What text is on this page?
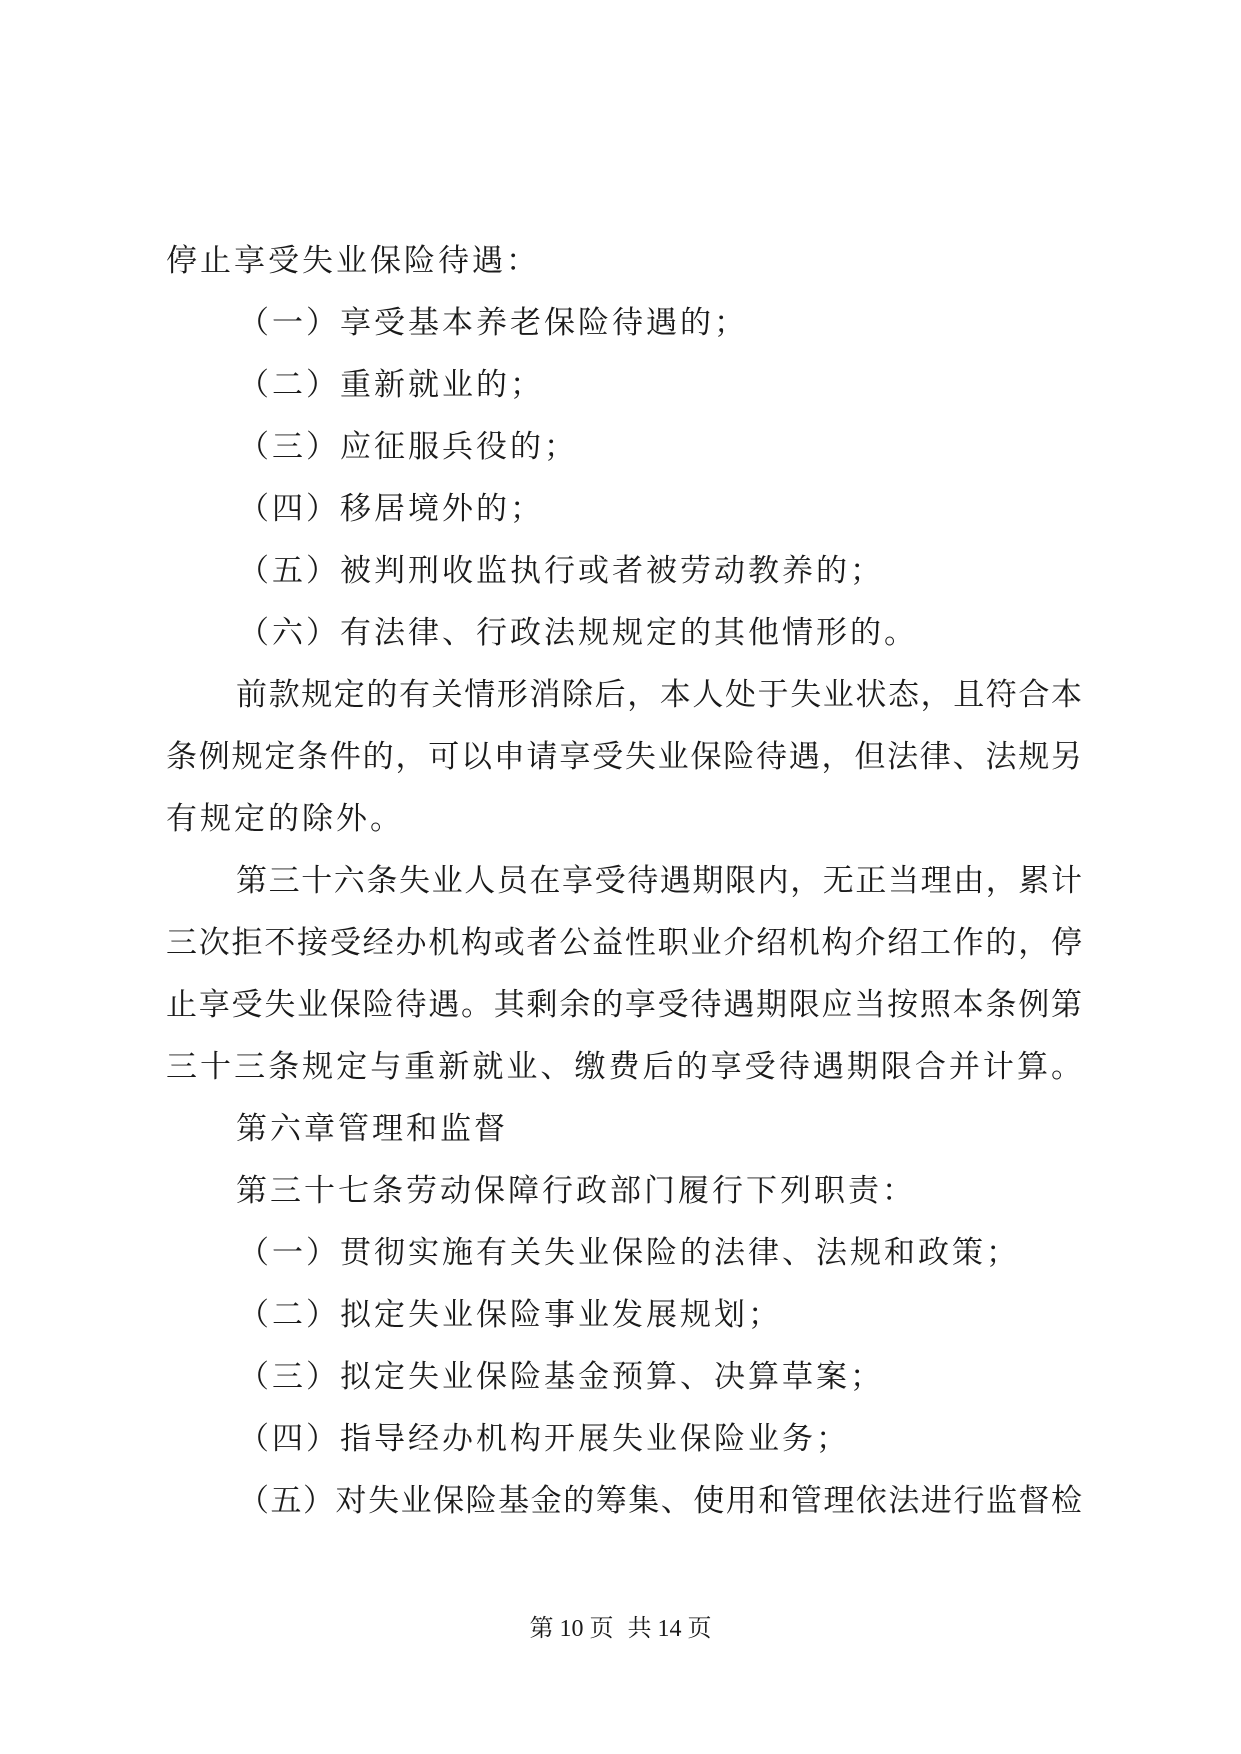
停止享受失业保险待遇：
（一）享受基本养老保险待遇的；
（二）重新就业的；
（三）应征服兵役的；
（四）移居境外的；
（五）被判刑收监执行或者被劳动教养的；
（六）有法律、行政法规规定的其他情形的。
前款规定的有关情形消除后，本人处于失业状态，且符合本
条例规定条件的，可以申请享受失业保险待遇，但法律、法规另
有规定的除外。
第三十六条失业人员在享受待遇期限内，无正当理由，累计
三次拒不接受经办机构或者公益性职业介绍机构介绍工作的，停
止享受失业保险待遇。其剩余的享受待遇期限应当按照本条例第
三十三条规定与重新就业、缴费后的享受待遇期限合并计算。
第六章管理和监督
第三十七条劳动保障行政部门履行下列职责：
（一）贯彻实施有关失业保险的法律、法规和政策；
（二）拟定失业保险事业发展规划；
（三）拟定失业保险基金预算、决算草案；
（四）指导经办机构开展失业保险业务；
（五）对失业保险基金的筹集、使用和管理依法进行监督检
第 10 页 共 14 页
